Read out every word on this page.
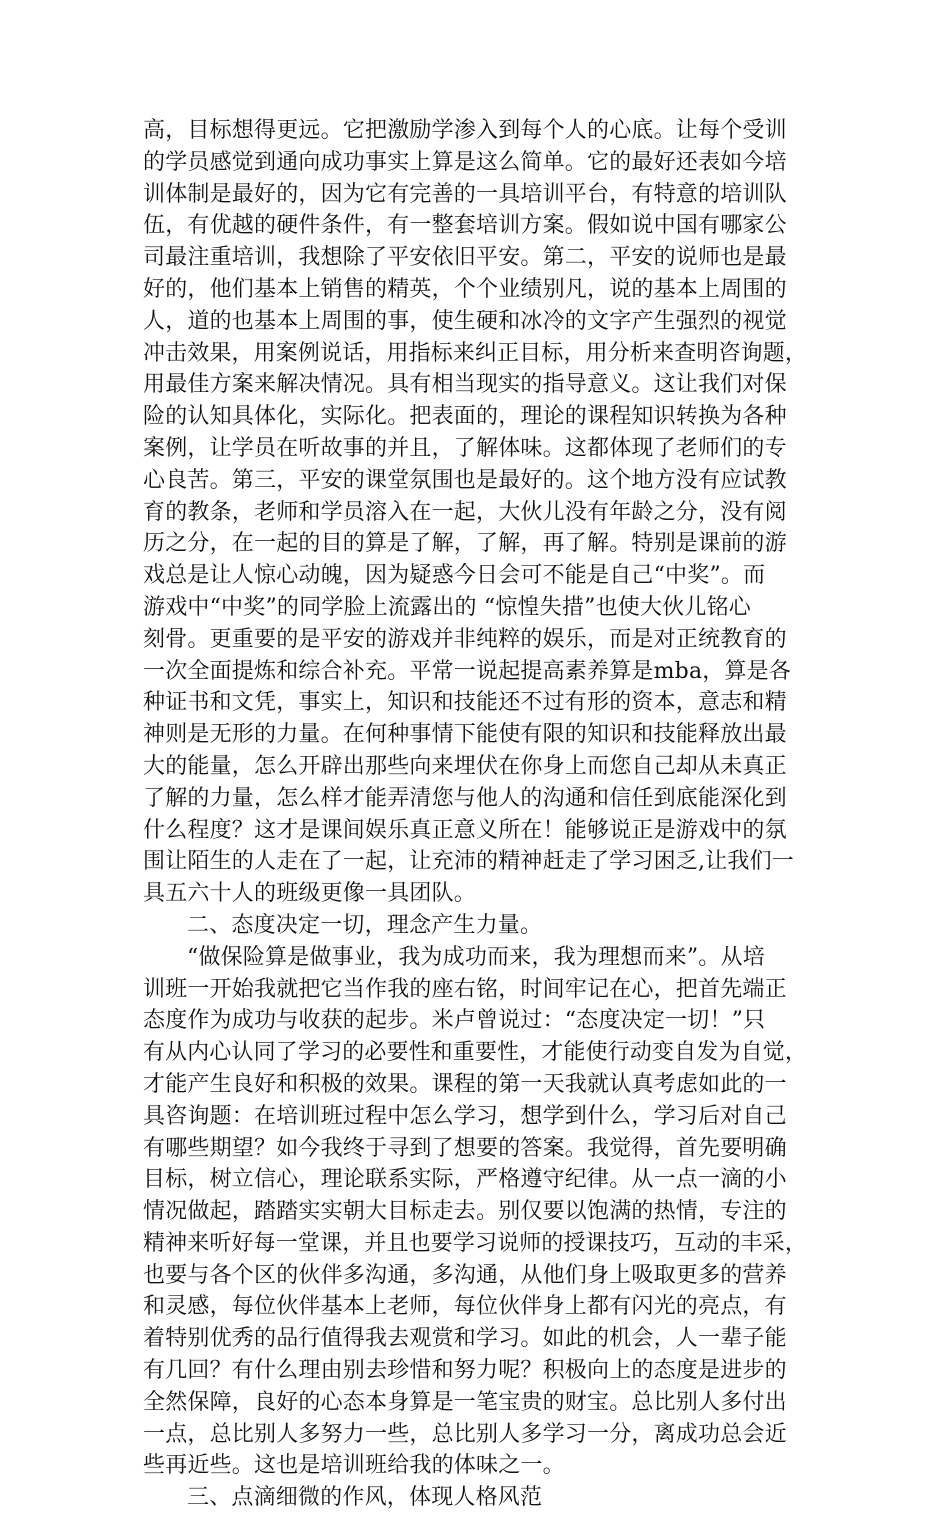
高，目标想得更远。它把激励学渗入到每个人的心底。让每个受训
的学员感觉到通向成功事实上算是这么简单。它的最好还表如今培
训体制是最好的，因为它有完善的一具培训平台，有特意的培训队
伍，有优越的硬件条件，有一整套培训方案。假如说中国有哪家公
司最注重培训，我想除了平安依旧平安。第二，平安的说师也是最
好的，他们基本上销售的精英，个个业绩别凡，说的基本上周围的
人，道的也基本上周围的事，使生硬和冰冷的文字产生强烈的视觉
冲击效果，用案例说话，用指标来纠正目标，用分析来查明咨询题，
用最佳方案来解决情况。具有相当现实的指导意义。这让我们对保
险的认知具体化，实际化。把表面的，理论的课程知识转换为各种
案例，让学员在听故事的并且，了解体味。这都体现了老师们的专
心良苦。第三，平安的课堂氛围也是最好的。这个地方没有应试教
育的教条，老师和学员溶入在一起，大伙儿没有年龄之分，没有阅
历之分，在一起的目的算是了解，了解，再了解。特别是课前的游
戏总是让人惊心动魄，因为疑惑今日会可不能是自己“中奖”。而
游戏中“中奖”的同学脸上流露出的 “惊惶失措”也使大伙儿铭心
刻骨。更重要的是平安的游戏并非纯粹的娱乐，而是对正统教育的
一次全面提炼和综合补充。平常一说起提高素养算是mba，算是各
种证书和文凭，事实上，知识和技能还不过有形的资本，意志和精
神则是无形的力量。在何种事情下能使有限的知识和技能释放出最
大的能量，怎么开辟出那些向来埋伏在你身上而您自己却从未真正
了解的力量，怎么样才能弄清您与他人的沟通和信任到底能深化到
什么程度？这才是课间娱乐真正意义所在！能够说正是游戏中的氛
围让陌生的人走在了一起，让充沛的精神赶走了学习困乏,让我们一
具五六十人的班级更像一具团队。
二、态度决定一切，理念产生力量。
“做保险算是做事业，我为成功而来，我为理想而来”。从培
训班一开始我就把它当作我的座右铭，时间牢记在心，把首先端正
态度作为成功与收获的起步。米卢曾说过：“态度决定一切！”只
有从内心认同了学习的必要性和重要性，才能使行动变自发为自觉，
才能产生良好和积极的效果。课程的第一天我就认真考虑如此的一
具咨询题：在培训班过程中怎么学习，想学到什么，学习后对自己
有哪些期望？如今我终于寻到了想要的答案。我觉得，首先要明确
目标，树立信心，理论联系实际，严格遵守纪律。从一点一滴的小
情况做起，踏踏实实朝大目标走去。别仅要以饱满的热情，专注的
精神来听好每一堂课，并且也要学习说师的授课技巧，互动的丰采，
也要与各个区的伙伴多沟通，多沟通，从他们身上吸取更多的营养
和灵感，每位伙伴基本上老师，每位伙伴身上都有闪光的亮点，有
着特别优秀的品行值得我去观赏和学习。如此的机会，人一辈子能
有几回？有什么理由别去珍惜和努力呢？积极向上的态度是进步的
全然保障，良好的心态本身算是一笔宝贵的财宝。总比别人多付出
一点，总比别人多努力一些，总比别人多学习一分，离成功总会近
些再近些。这也是培训班给我的体味之一。
三、点滴细微的作风，体现人格风范
